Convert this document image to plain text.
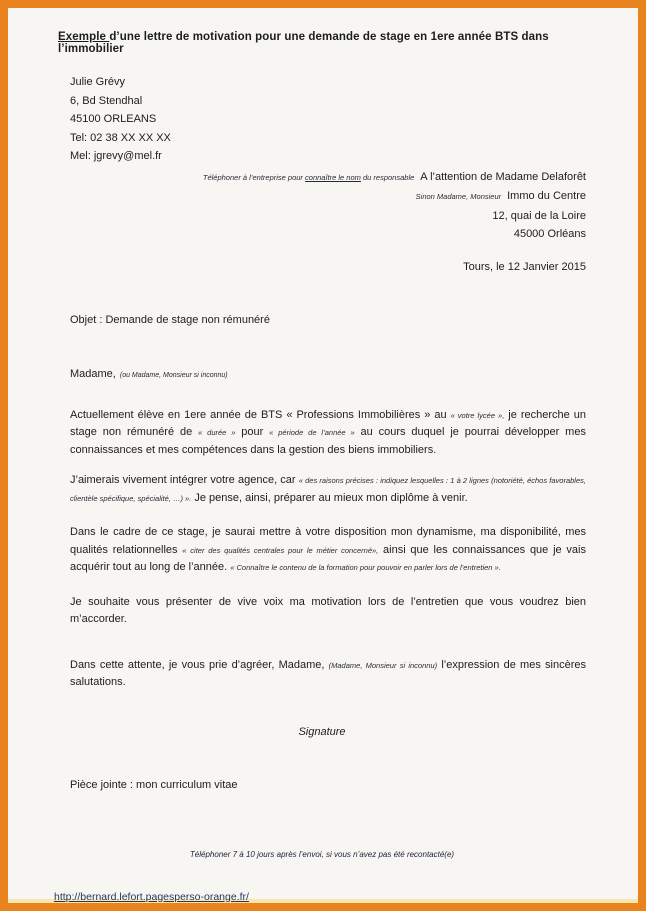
Exemple d’une lettre de motivation pour une demande de stage en 1ere année BTS dans l’immobilier
Julie Grévy
6, Bd Stendhal
45100 ORLEANS
Tel: 02 38 XX XX XX
Mel: jgrevy@mel.fr
Téléphoner à l’entreprise pour connaître le nom du responsable A l’attention de Madame Delaforêt
Sinon Madame, Monsieur Immo du Centre
12, quai de la Loire
45000 Orléans
Tours, le 12 Janvier 2015
Objet : Demande de stage non rémunéré
Madame, (ou Madame, Monsieur si inconnu)

Actuellement élève en 1ere année de BTS « Professions Immobilières » au « votre lycée », je recherche un stage non rémunéré de « durée » pour « période de l’année » au cours duquel je pourrai développer mes connaissances et mes compétences dans la gestion des biens immobiliers.

J’aimerais vivement intégrer votre agence, car « des raisons précises : indiquez lesquelles : 1 à 2 lignes (notoriété, échos favorables, clientèle spécifique, spécialité, …) ». Je pense, ainsi, préparer au mieux mon diplôme à venir.

Dans le cadre de ce stage, je saurai mettre à votre disposition mon dynamisme, ma disponibilité, mes qualités relationnelles « citer des qualités centrales pour le métier concerné», ainsi que les connaissances que je vais acquérir tout au long de l’année. « Connaître le contenu de la formation pour pouvoir en parler lors de l’entretien ».

Je souhaite vous présenter de vive voix ma motivation lors de l’entretien que vous voudrez bien m’accorder.

Dans cette attente, je vous prie d’agréer, Madame, (Madame, Monsieur si inconnu) l’expression de mes sincères salutations.

Signature
Pièce jointe : mon curriculum vitae
Téléphoner 7 à 10 jours après l’envoi, si vous n’avez pas été recontacté(e)
http://bernard.lefort.pagesperso-orange.fr/
